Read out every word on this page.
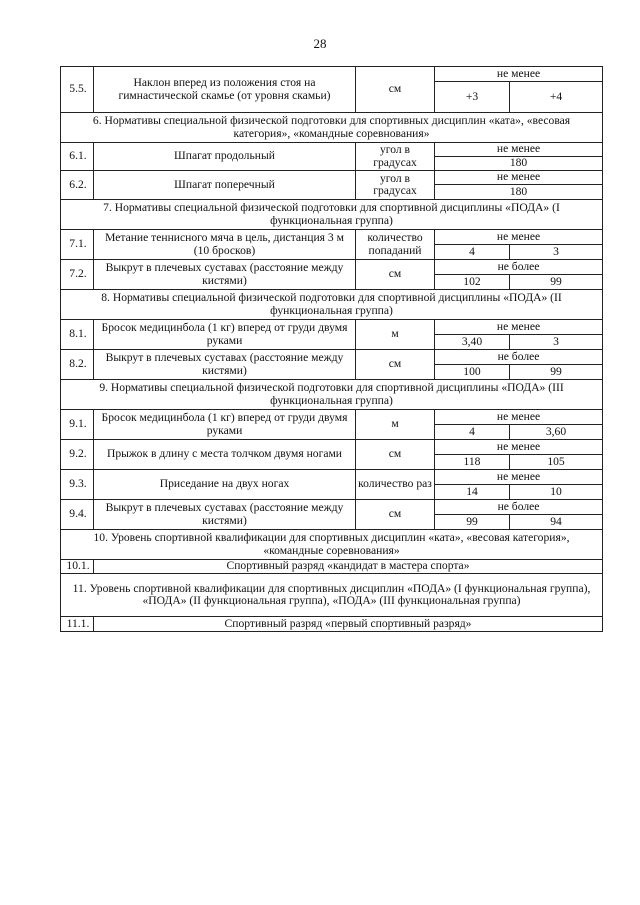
28
5.5.	Наклон вперед из положения стоя на гимнастической скамье (от уровня скамьи)	см	не менее	
			+3	+4
6. Нормативы специальной физической подготовки для спортивных дисциплин «ката», «весовая категория», «командные соревнования»				
6.1.	Шпагат продольный	угол в градусах	не менее	
			180	
6.2.	Шпагат поперечный	угол в градусах	не менее	
			180	
7. Нормативы специальной физической подготовки для спортивной дисциплины «ПОДА» (I функциональная группа)				
7.1.	Метание теннисного мяча в цель, дистанция 3 м (10 бросков)	количество попаданий	не менее	
			4	3
7.2.	Выкрут в плечевых суставах (расстояние между кистями)	см	не более	
			102	99
8. Нормативы специальной физической подготовки для спортивной дисциплины «ПОДА» (II функциональная группа)				
8.1.	Бросок медицинбола (1 кг) вперед от груди двумя руками	м	не менее	
			3,40	3
8.2.	Выкрут в плечевых суставах (расстояние между кистями)	см	не более	
			100	99
9. Нормативы специальной физической подготовки для спортивной дисциплины «ПОДА» (III функциональная группа)				
9.1.	Бросок медицинбола (1 кг) вперед от груди двумя руками	м	не менее	
			4	3,60
9.2.	Прыжок в длину с места толчком двумя ногами	см	не менее	
			118	105
9.3.	Приседание на двух ногах	количество раз	не менее	
			14	10
9.4.	Выкрут в плечевых суставах (расстояние между кистями)	см	не более	
			99	94
10. Уровень спортивной квалификации для спортивных дисциплин «ката», «весовая категория», «командные соревнования»				
10.1.	Спортивный разряд «кандидат в мастера спорта»			
11. Уровень спортивной квалификации для спортивных дисциплин «ПОДА» (I функциональная группа), «ПОДА» (II функциональная группа), «ПОДА» (III функциональная группа)				
11.1.	Спортивный разряд «первый спортивный разряд»			
